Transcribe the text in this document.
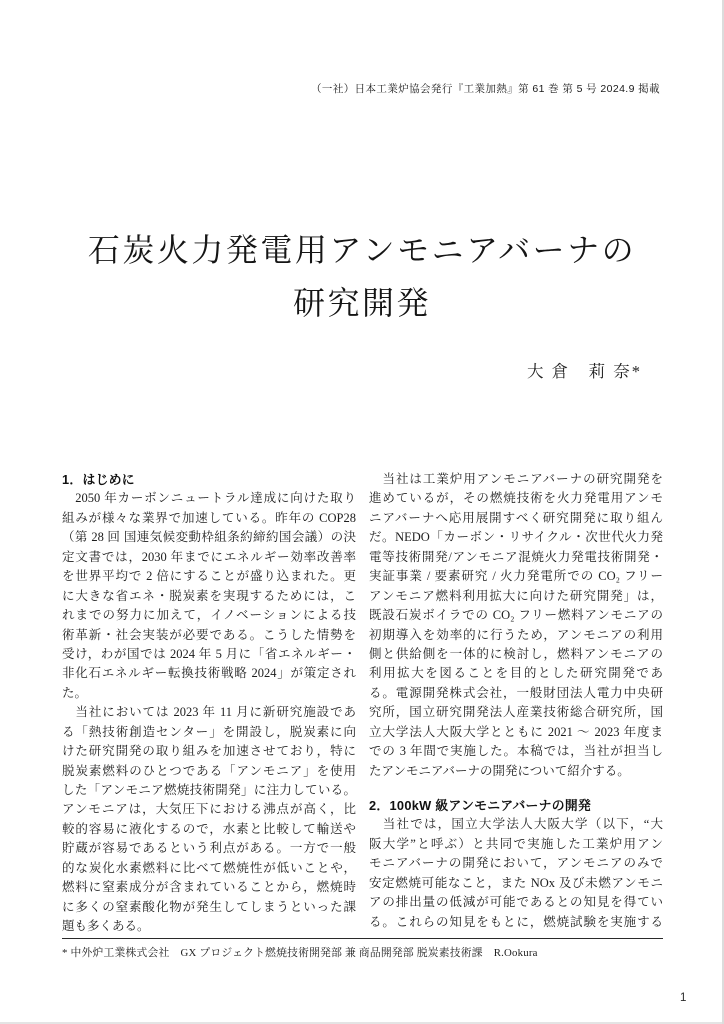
（一社）日本工業炉協会発行『工業加熱』第 61 巻 第 5 号 2024.9 掲載
石炭火力発電用アンモニアバーナの
研究開発
大 倉　莉 奈*
1．はじめに
　2050 年カーボンニュートラル達成に向けた取り
組みが様々な業界で加速している。昨年の COP28
（第 28 回 国連気候変動枠組条約締約国会議）の決
定文書では，2030 年までにエネルギー効率改善率
を世界平均で 2 倍にすることが盛り込まれた。更
に大きな省エネ・脱炭素を実現するためには，こ
れまでの努力に加えて，イノベーションによる技
術革新・社会実装が必要である。こうした情勢を
受け，わが国では 2024 年 5 月に「省エネルギー・
非化石エネルギー転換技術戦略 2024」が策定され
た。
　当社においては 2023 年 11 月に新研究施設であ
る「熱技術創造センター」を開設し，脱炭素に向
けた研究開発の取り組みを加速させており，特に
脱炭素燃料のひとつである「アンモニア」を使用
した「アンモニア燃焼技術開発」に注力している。
アンモニアは，大気圧下における沸点が高く，比
較的容易に液化するので，水素と比較して輸送や
貯蔵が容易であるという利点がある。一方で一般
的な炭化水素燃料に比べて燃焼性が低いことや，
燃料に窒素成分が含まれていることから，燃焼時
に多くの窒素酸化物が発生してしまうといった課
題も多くある。
　当社は工業炉用アンモニアバーナの研究開発を
進めているが，その燃焼技術を火力発電用アンモ
ニアバーナへ応用展開すべく研究開発に取り組ん
だ。NEDO「カーボン・リサイクル・次世代火力発
電等技術開発/アンモニア混焼火力発電技術開発・
実証事業 / 要素研究 / 火力発電所での CO₂ フリー
アンモニア燃料利用拡大に向けた研究開発」は，
既設石炭ボイラでの CO₂ フリー燃料アンモニアの
初期導入を効率的に行うため，アンモニアの利用
側と供給側を一体的に検討し，燃料アンモニアの
利用拡大を図ることを目的とした研究開発であ
る。電源開発株式会社，一般財団法人電力中央研
究所，国立研究開発法人産業技術総合研究所，国
立大学法人大阪大学とともに 2021 ～ 2023 年度ま
での 3 年間で実施した。本稿では，当社が担当し
たアンモニアバーナの開発について紹介する。
2．100kW 級アンモニアバーナの開発
　当社では，国立大学法人大阪大学（以下，“大
阪大学”と呼ぶ）と共同で実施した工業炉用アン
モニアバーナの開発において，アンモニアのみで
安定燃焼可能なこと，また NOx 及び未燃アンモニ
アの排出量の低減が可能であるとの知見を得てい
る。これらの知見をもとに，燃焼試験を実施する
* 中外炉工業株式会社　GX プロジェクト燃焼技術開発部 兼 商品開発部 脱炭素技術課　R.Ookura
1
